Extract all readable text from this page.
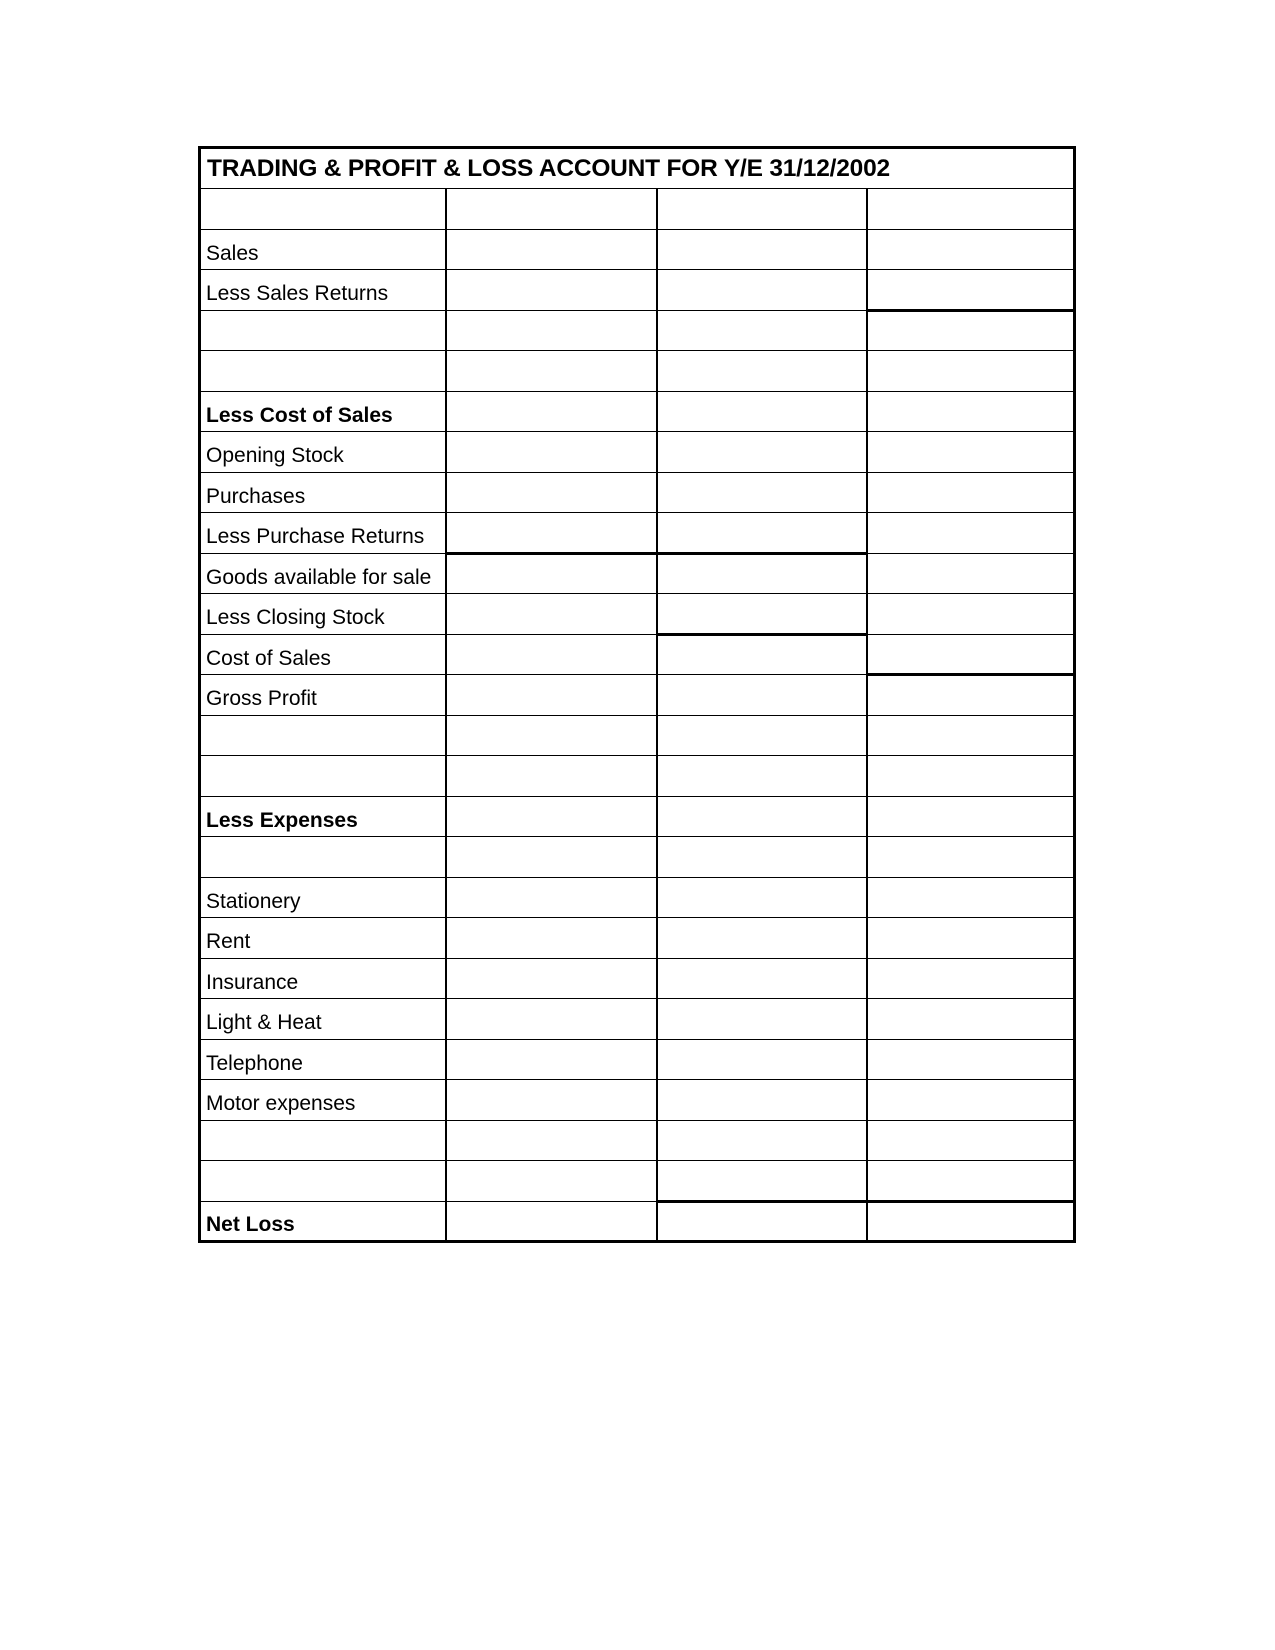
TRADING & PROFIT & LOSS ACCOUNT FOR Y/E 31/12/2002			

Sales			
Less Sales Returns			

Less Cost of Sales			
Opening Stock			
Purchases			
Less Purchase Returns			
Goods available for sale			
Less Closing Stock			
Cost of Sales			
Gross Profit			

Less Expenses			

Stationery			
Rent			
Insurance			
Light & Heat			
Telephone			
Motor expenses			

Net Loss			
